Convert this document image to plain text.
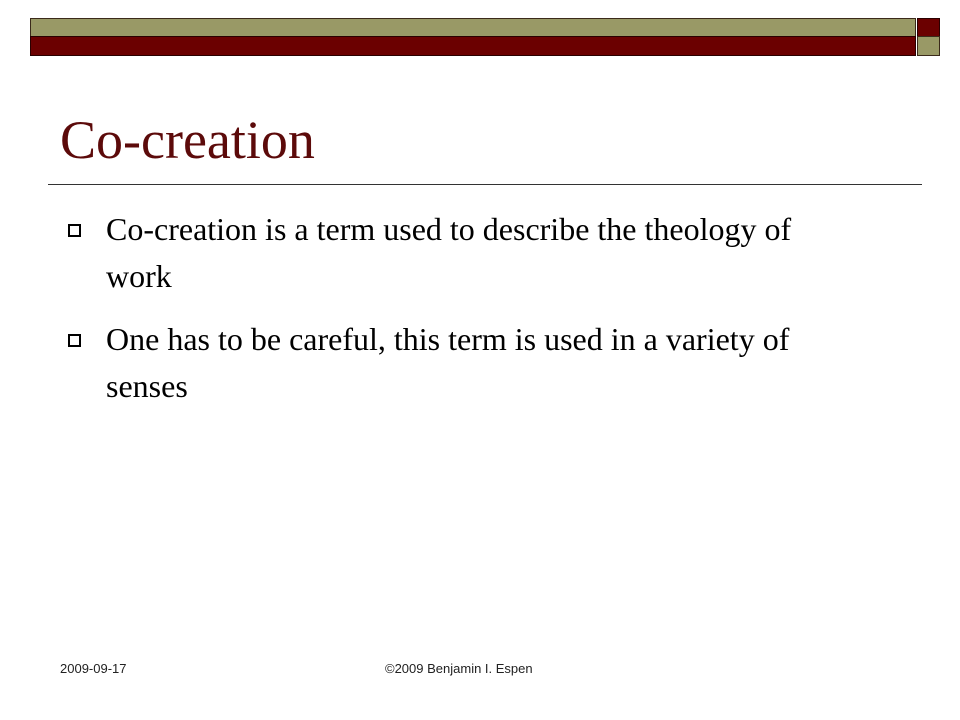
Co-creation
Co-creation is a term used to describe the theology of work
One has to be careful, this term is used in a variety of senses
2009-09-17	©2009 Benjamin I. Espen
